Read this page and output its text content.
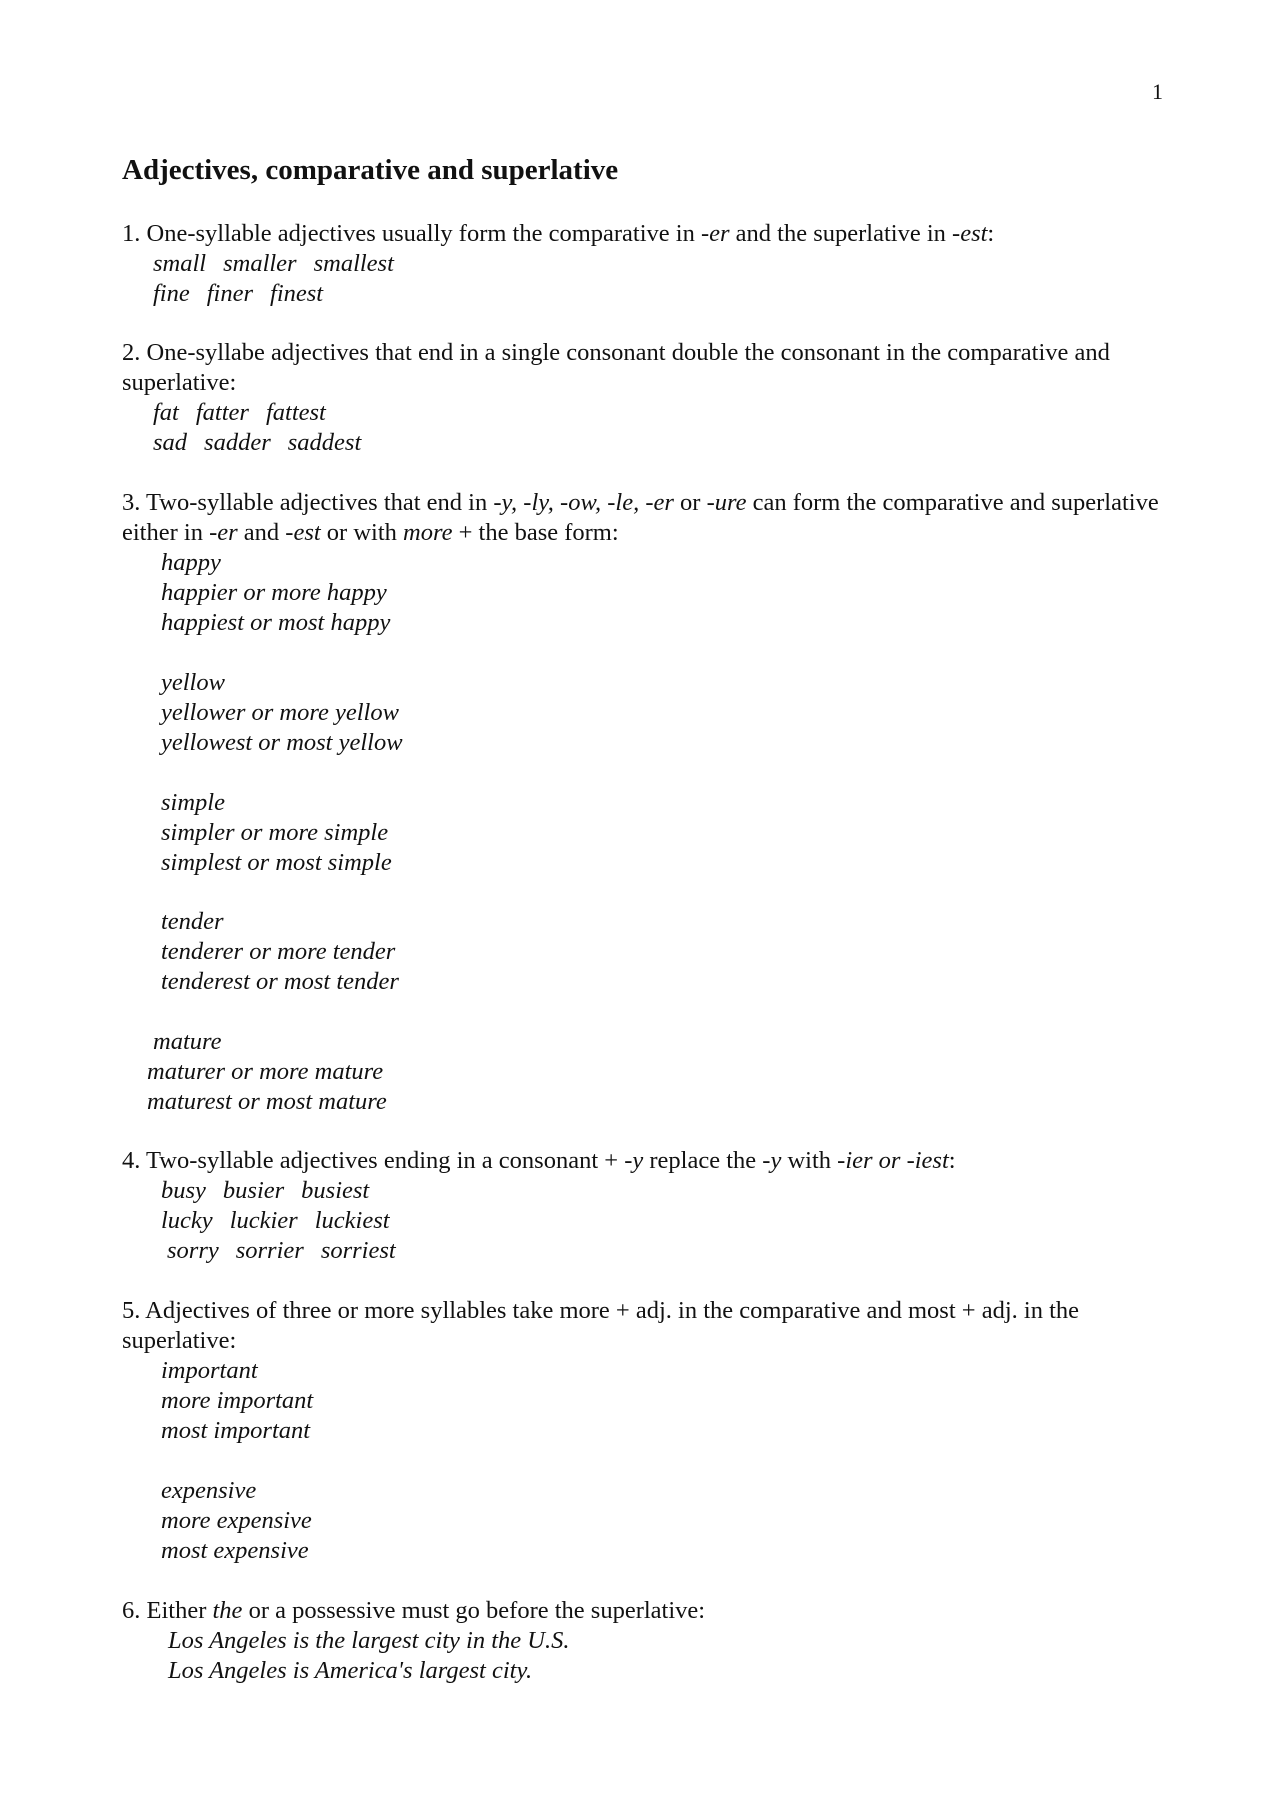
1
Adjectives, comparative and superlative

1. One-syllable adjectives usually form the comparative in -er and the superlative in -est:

small smaller smallest

fine finer finest

2. One-syllabe adjectives that end in a single consonant double the consonant in the comparative and superlative:

fat fatter fattest

sad sadder saddest

3. Two-syllable adjectives that end in -y, -ly, -ow, -le, -er or -ure can form the comparative and superlative either in -er and -est or with more + the base form:

happy

happier or more happy

happiest or most happy

yellow

yellower or more yellow

yellowest or most yellow

simple

simpler or more simple

simplest or most simple

tender

tenderer or more tender

tenderest or most tender

mature

maturer or more mature

maturest or most mature

4. Two-syllable adjectives ending in a consonant + -y replace the -y with -ier or -iest:

busy busier busiest

lucky luckier luckiest

sorry sorrier sorriest

5. Adjectives of three or more syllables take more + adj. in the comparative and most + adj. in the superlative:

important

more important

most important

expensive

more expensive

most expensive

6. Either the or a possessive must go before the superlative:

Los Angeles is the largest city in the U.S.

Los Angeles is America's largest city.
